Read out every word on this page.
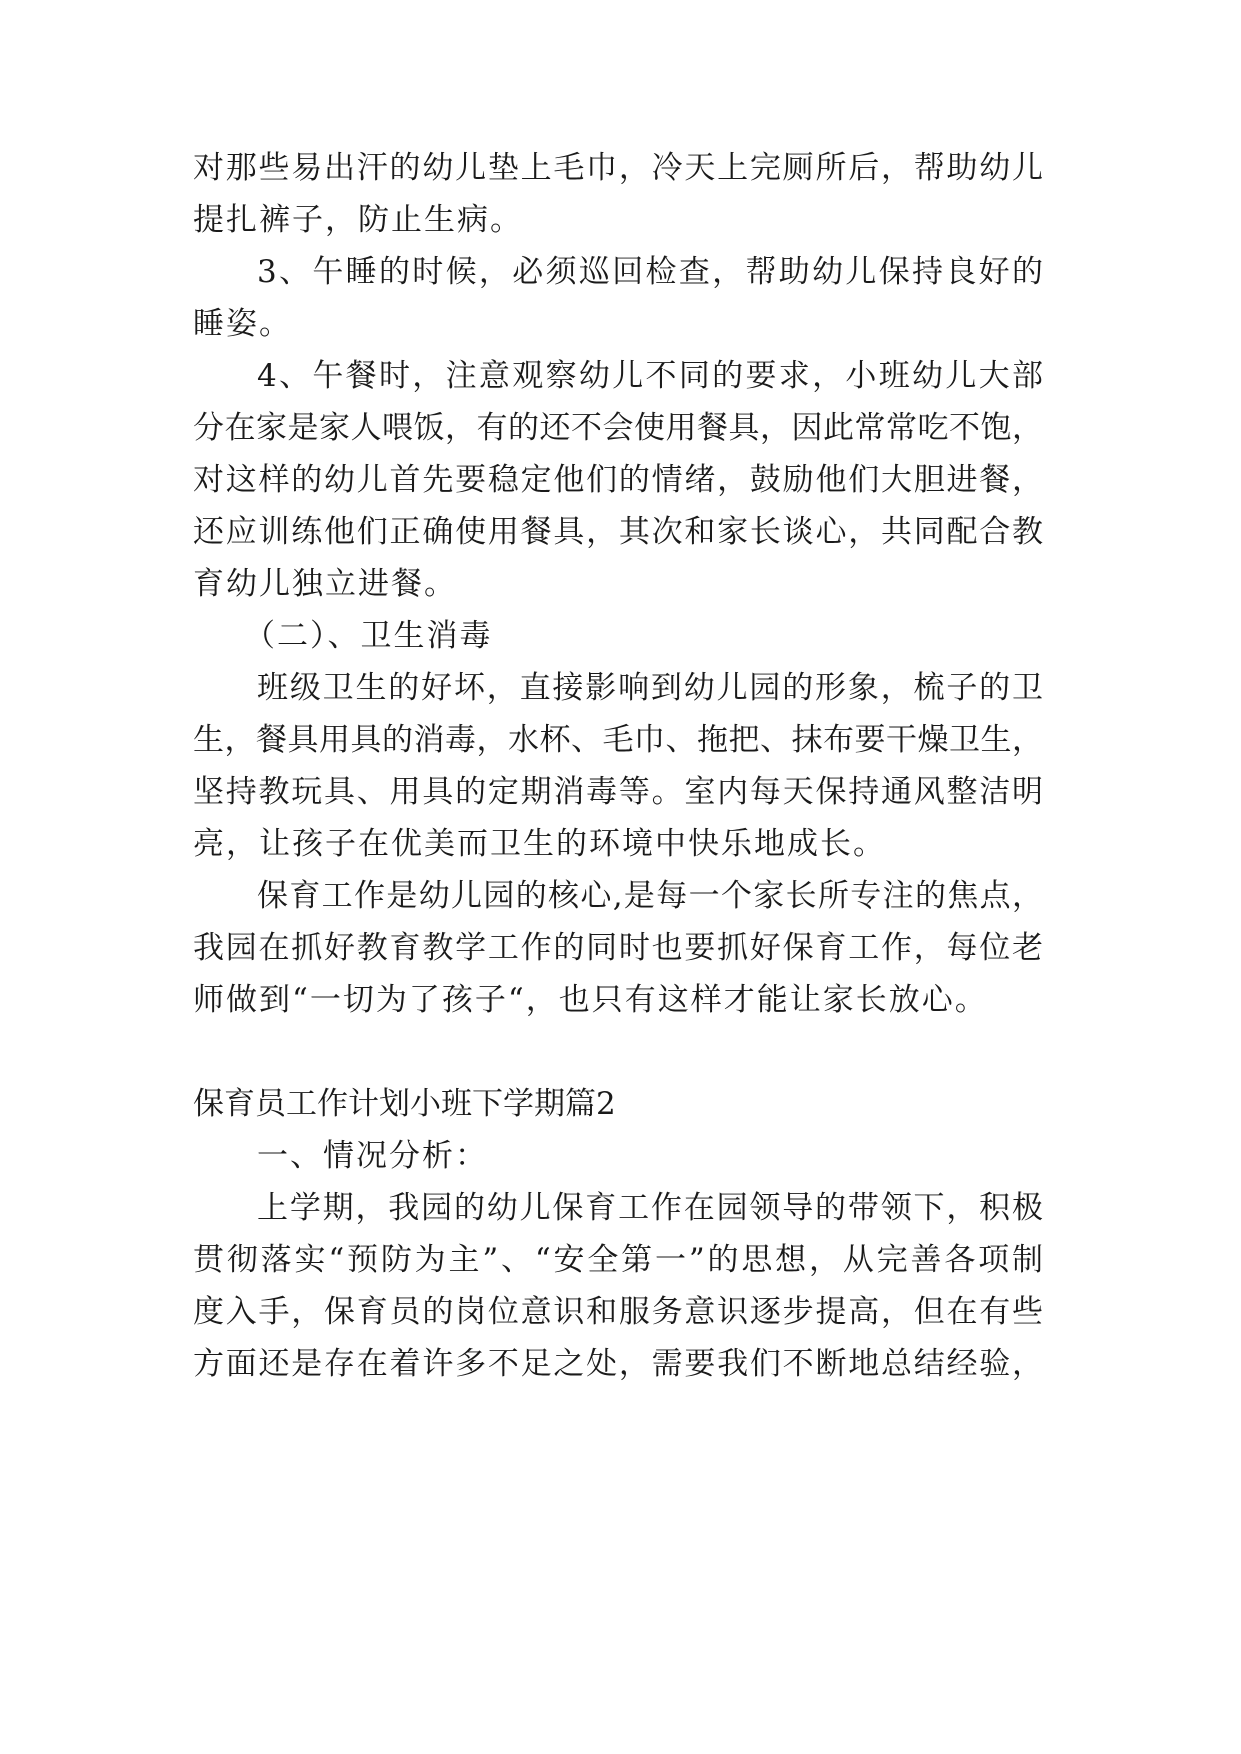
对那些易出汗的幼儿垫上毛巾，冷天上完厕所后，帮助幼儿
提扎裤子，防止生病。
3、午睡的时候，必须巡回检查，帮助幼儿保持良好的
睡姿。
4、午餐时，注意观察幼儿不同的要求，小班幼儿大部
分在家是家人喂饭，有的还不会使用餐具，因此常常吃不饱，
对这样的幼儿首先要稳定他们的情绪，鼓励他们大胆进餐，
还应训练他们正确使用餐具，其次和家长谈心，共同配合教
育幼儿独立进餐。
（二）、卫生消毒
班级卫生的好坏，直接影响到幼儿园的形象，梳子的卫
生，餐具用具的消毒，水杯、毛巾、拖把、抹布要干燥卫生，
坚持教玩具、用具的定期消毒等。室内每天保持通风整洁明
亮，让孩子在优美而卫生的环境中快乐地成长。
保育工作是幼儿园的核心,是每一个家长所专注的焦点，
我园在抓好教育教学工作的同时也要抓好保育工作，每位老
师做到“一切为了孩子“，也只有这样才能让家长放心。
保育员工作计划小班下学期篇2
一、情况分析：
上学期，我园的幼儿保育工作在园领导的带领下，积极
贯彻落实“预防为主”、“安全第一”的思想，从完善各项制
度入手，保育员的岗位意识和服务意识逐步提高，但在有些
方面还是存在着许多不足之处，需要我们不断地总结经验，
